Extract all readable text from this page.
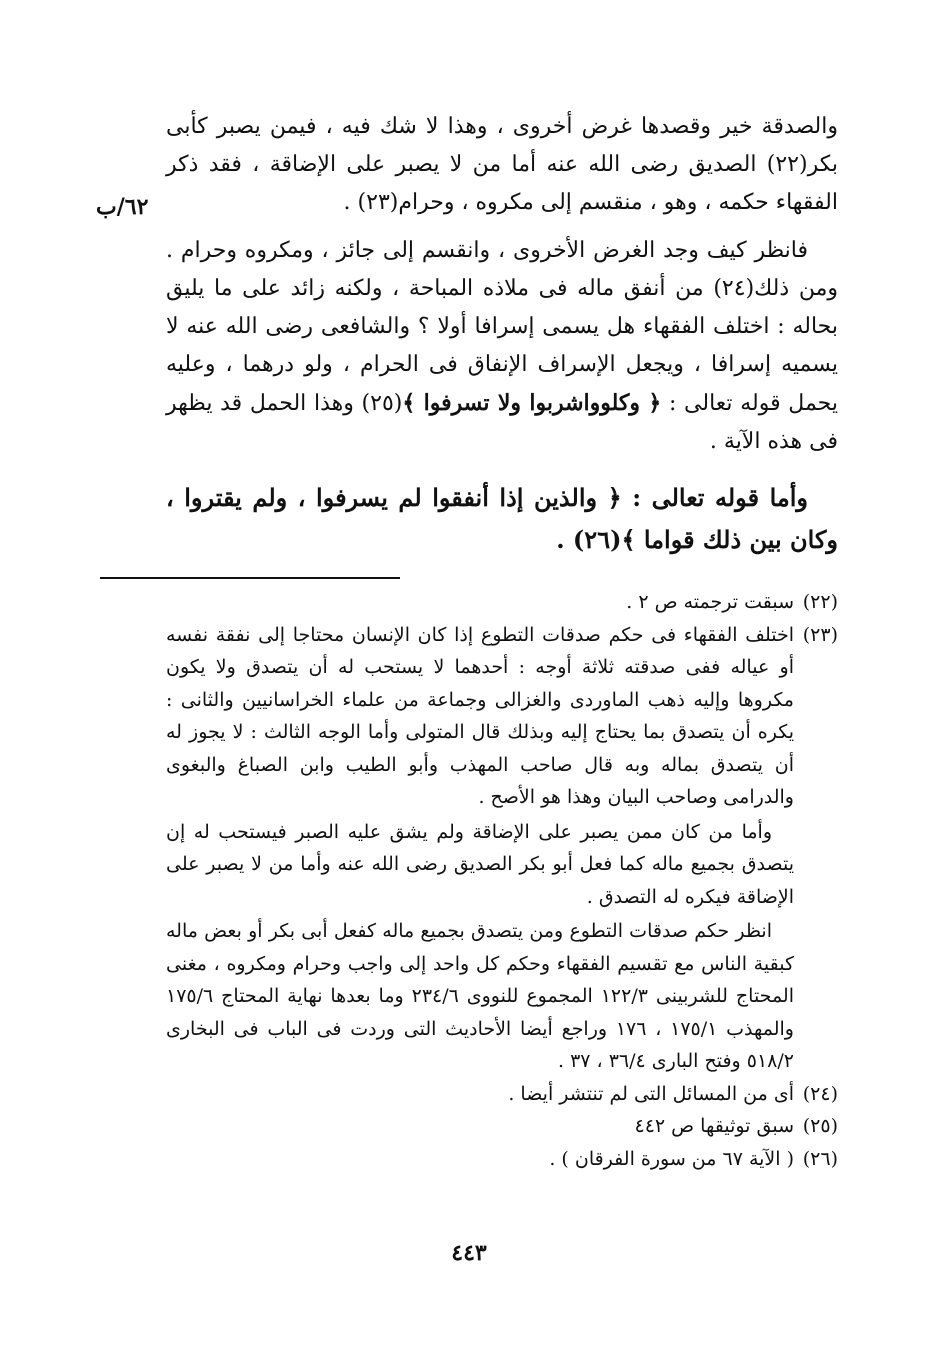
٦٢/ب

والصدقة خير وقصدها غرض أخروى ، وهذا لا شك فيه ، فيمن يصبر كأبى بكر(٢٢) الصديق رضى الله عنه أما من لا يصبر على الإضاقة ، فقد ذكر الفقهاء حكمه ، وهو ، منقسم إلى مكروه ، وحرام(٢٣) .

فانظر كيف وجد الغرض الأخروى ، وانقسم إلى جائز ، ومكروه وحرام . ومن ذلك(٢٤) من أنفق ماله فى ملاذه المباحة ، ولكنه زائد على ما يليق بحاله : اختلف الفقهاء هل يسمى إسرافا أولا ؟ والشافعى رضى الله عنه لا يسميه إسرافا ، ويجعل الإسراف الإنفاق فى الحرام ، ولو درهما ، وعليه يحمل قوله تعالى : ﴿ وكلوواشربوا ولا تسرفوا ﴾(٢٥) وهذا الحمل قد يظهر فى هذه الآية .

وأما قوله تعالى : ﴿ والذين إذا أنفقوا لم يسرفوا ، ولم يقتروا ، وكان بين ذلك قواما ﴾(٢٦) .

(٢٢)

سبقت ترجمته ص ٢ .

(٢٣)

اختلف الفقهاء فى حكم صدقات التطوع إذا كان الإنسان محتاجا إلى نفقة نفسه أو عياله ففى صدقته ثلاثة أوجه : أحدهما لا يستحب له أن يتصدق ولا يكون مكروها وإليه ذهب الماوردى والغزالى وجماعة من علماء الخراسانيين والثانى : يكره أن يتصدق بما يحتاج إليه وبذلك قال المتولى وأما الوجه الثالث : لا يجوز له أن يتصدق بماله وبه قال صاحب المهذب وأبو الطيب وابن الصباغ والبغوى والدرامى وصاحب البيان وهذا هو الأصح .

وأما من كان ممن يصبر على الإضاقة ولم يشق عليه الصبر فيستحب له إن يتصدق بجميع ماله كما فعل أبو بكر الصديق رضى الله عنه وأما من لا يصبر على الإضاقة فيكره له التصدق .

انظر حكم صدقات التطوع ومن يتصدق بجميع ماله كفعل أبى بكر أو بعض ماله كبقية الناس مع تقسيم الفقهاء وحكم كل واحد إلى واجب وحرام ومكروه ، مغنى المحتاج للشربينى ١٢٢/٣ المجموع للنووى ٢٣٤/٦ وما بعدها نهاية المحتاج ١٧٥/٦ والمهذب ١٧٥/١ ، ١٧٦ وراجع أيضا الأحاديث التى وردت فى الباب فى البخارى ٥١٨/٢ وفتح البارى ٣٦/٤ ، ٣٧ .

(٢٤)

أى من المسائل التى لم تنتشر أيضا .

(٢٥)

سبق توثيقها ص ٤٤٢

(٢٦)

( الآية ٦٧ من سورة الفرقان ) .

٤٤٣
